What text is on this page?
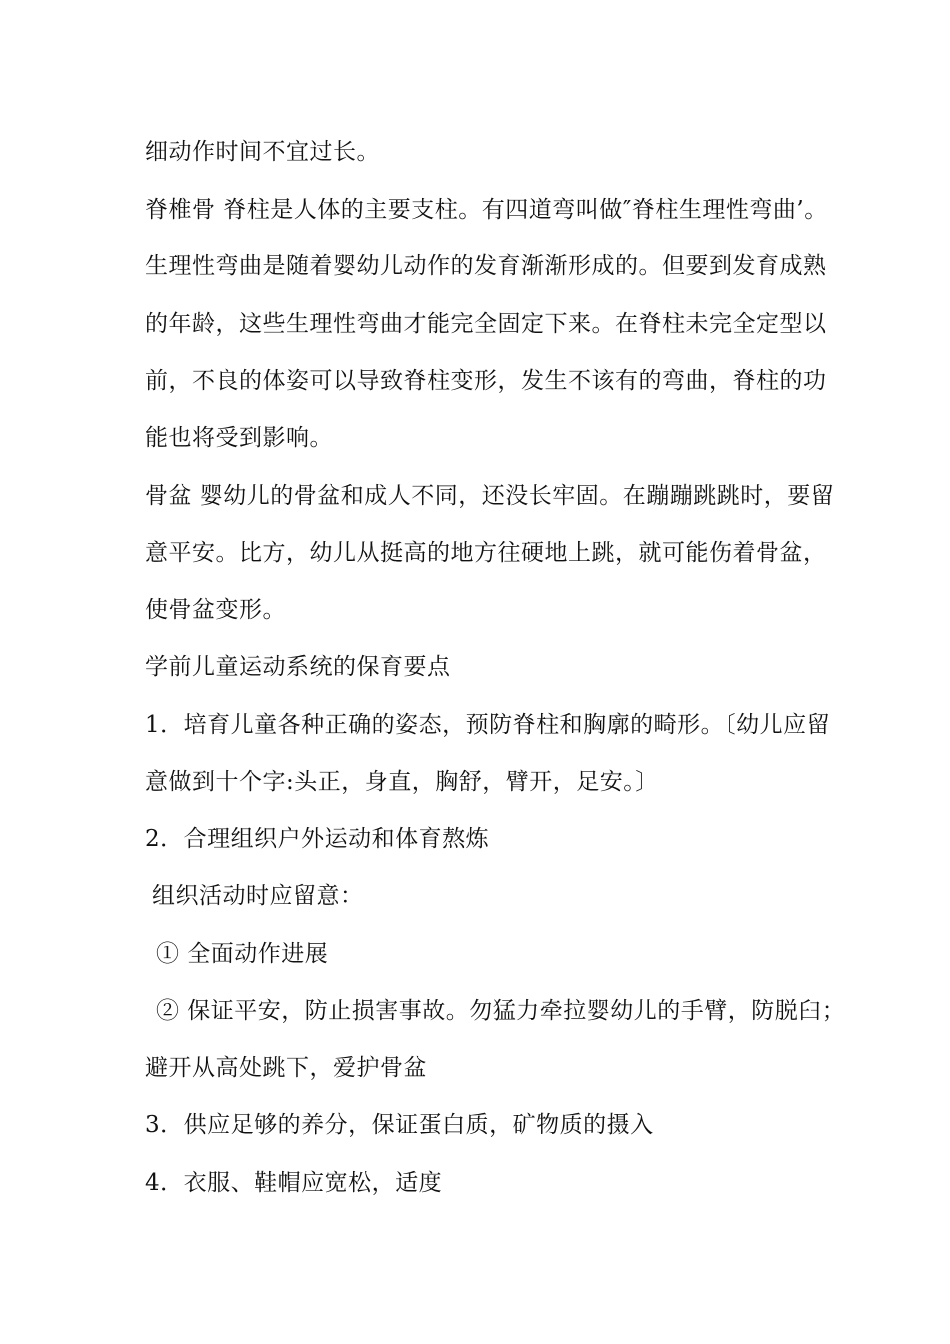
细动作时间不宜过长。
脊椎骨 脊柱是人体的主要支柱。有四道弯叫做″脊柱生理性弯曲’。
生理性弯曲是随着婴幼儿动作的发育渐渐形成的。但要到发育成熟
的年龄，这些生理性弯曲才能完全固定下来。在脊柱未完全定型以
前，不良的体姿可以导致脊柱变形，发生不该有的弯曲，脊柱的功
能也将受到影响。
骨盆 婴幼儿的骨盆和成人不同，还没长牢固。在蹦蹦跳跳时，要留
意平安。比方，幼儿从挺高的地方往硬地上跳，就可能伤着骨盆，
使骨盆变形。
学前儿童运动系统的保育要点
1．培育儿童各种正确的姿态，预防脊柱和胸廓的畸形。〔幼儿应留
意做到十个字:头正，身直，胸舒，臂开，足安。〕
2．合理组织户外运动和体育熬炼
组织活动时应留意：
① 全面动作进展
② 保证平安，防止损害事故。勿猛力牵拉婴幼儿的手臂，防脱臼；
避开从高处跳下，爱护骨盆
3．供应足够的养分，保证蛋白质，矿物质的摄入
4．衣服、鞋帽应宽松，适度
